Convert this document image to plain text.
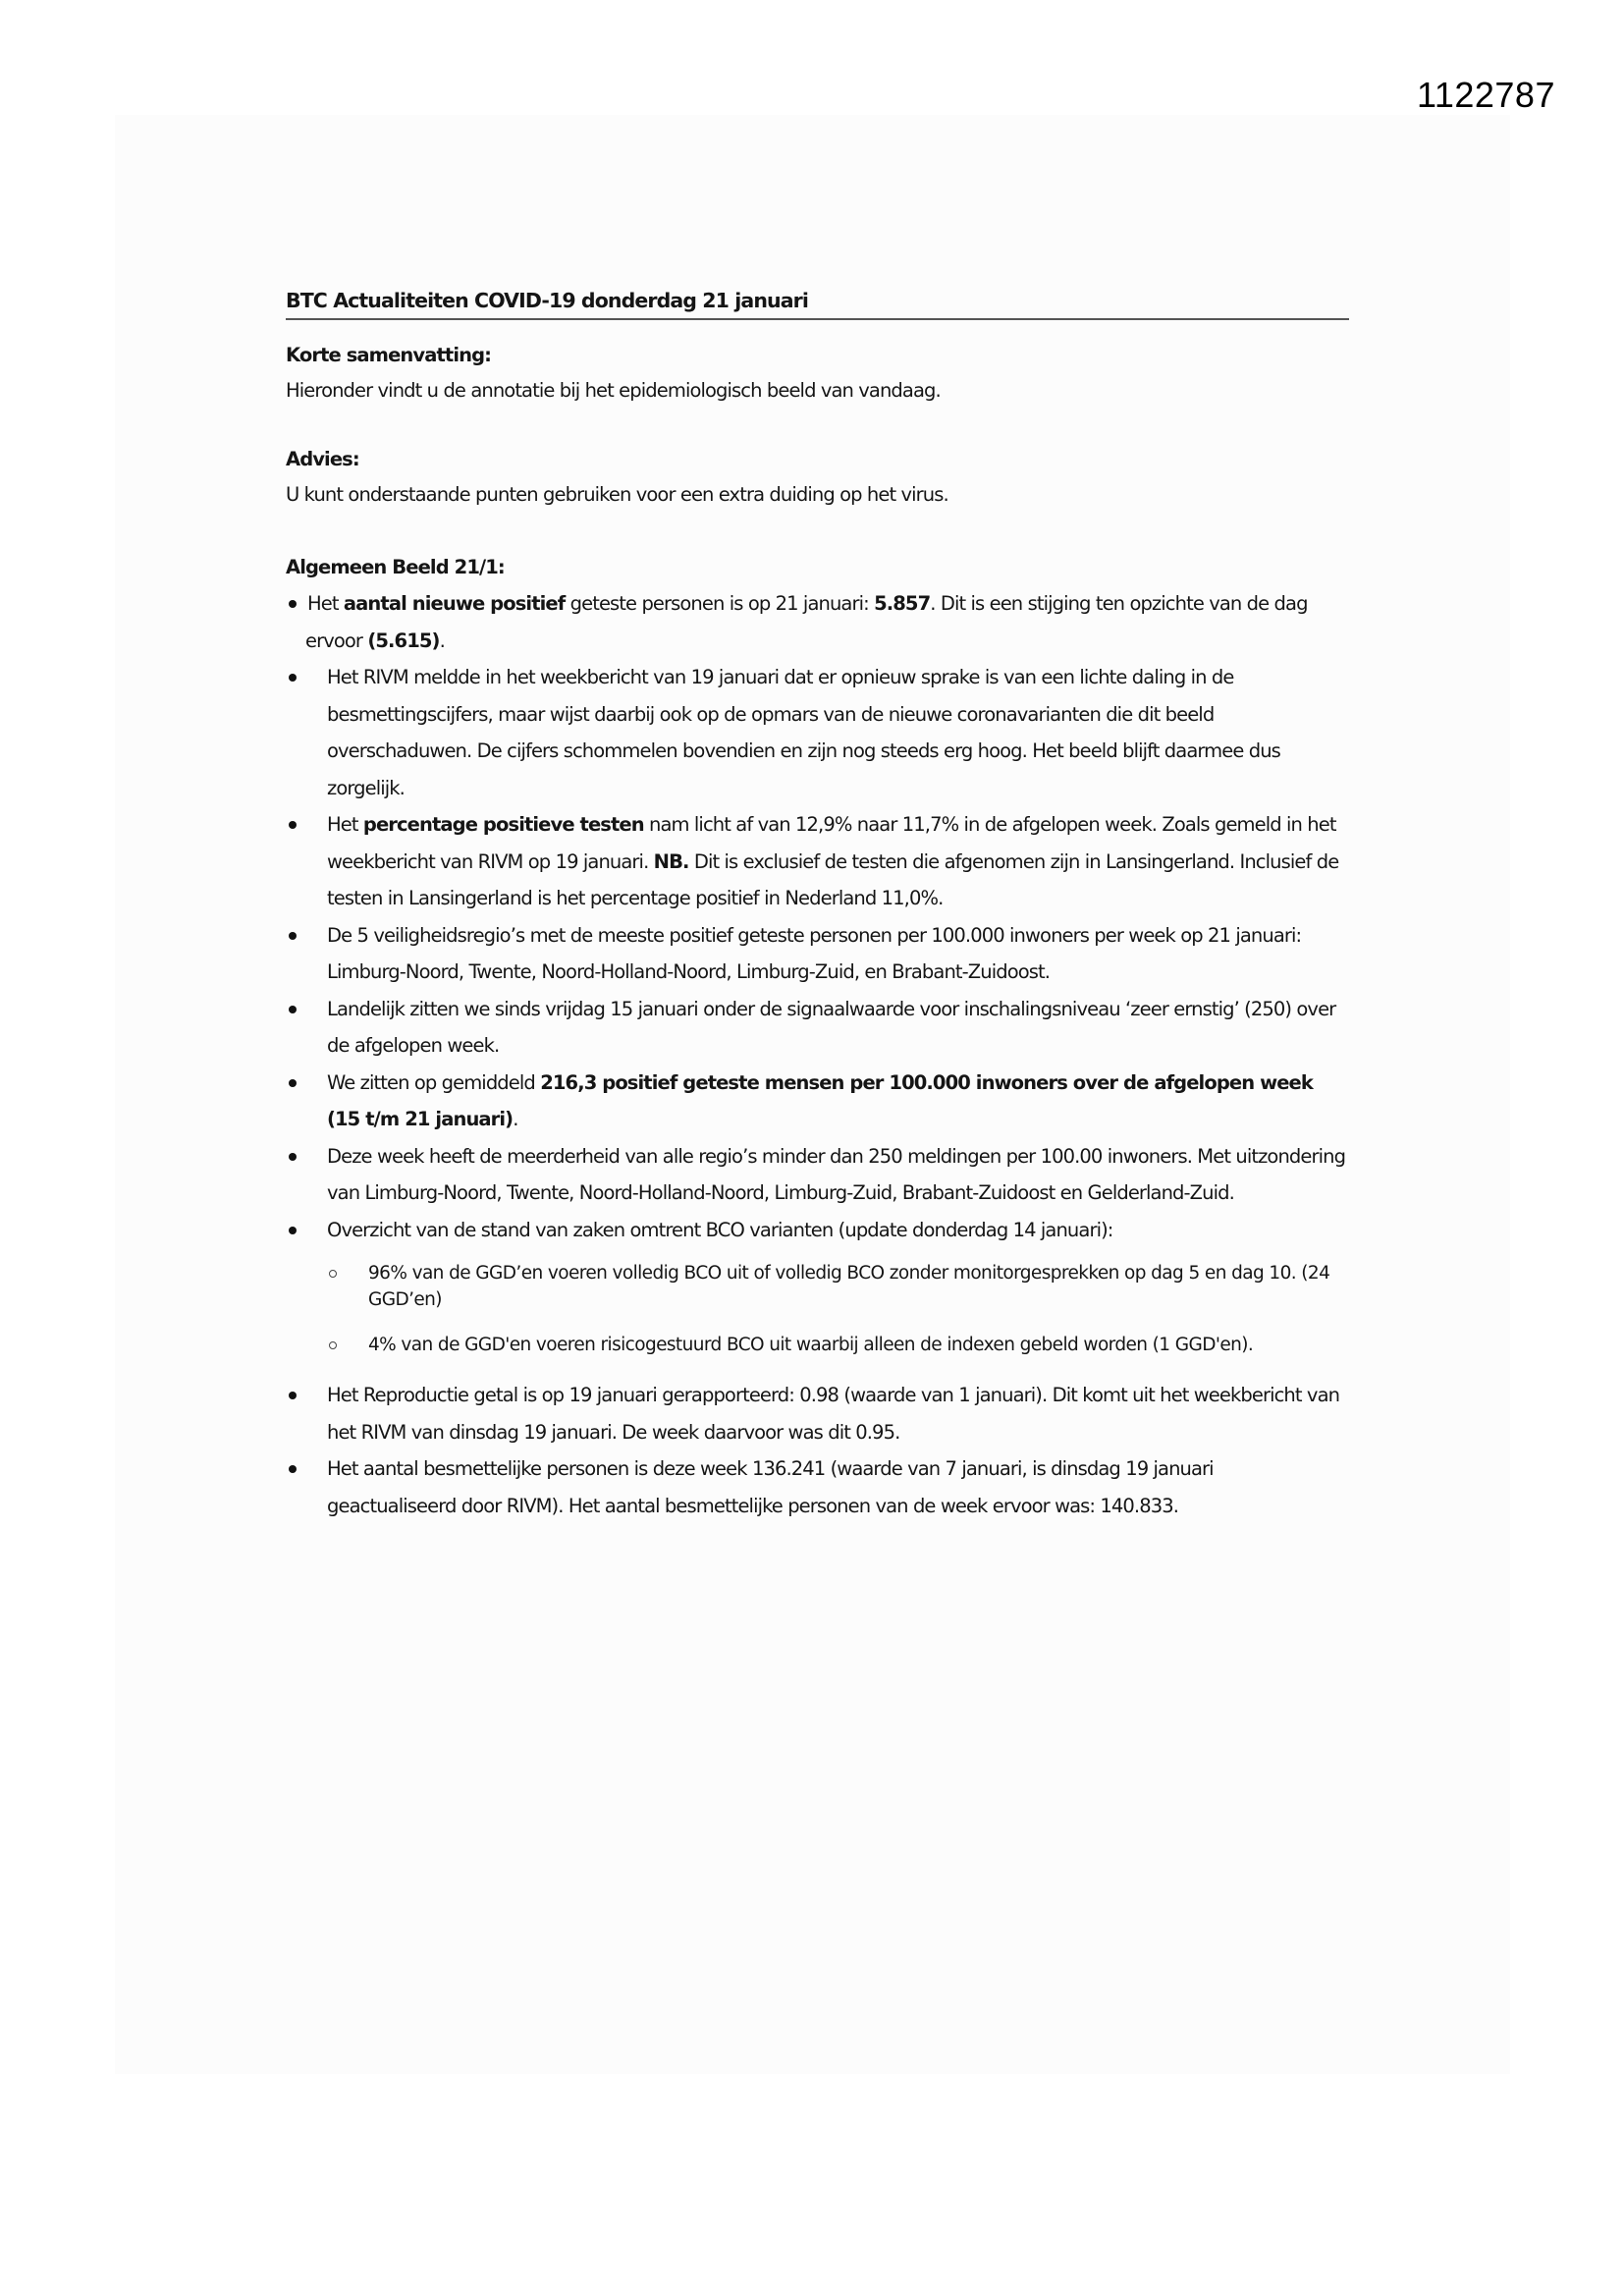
1122787

BTC Actualiteiten COVID-19 donderdag 21 januari

Korte samenvatting:

Hieronder vindt u de annotatie bij het epidemiologisch beeld van vandaag.

Advies:

U kunt onderstaande punten gebruiken voor een extra duiding op het virus.

Algemeen Beeld 21/1:

Het aantal nieuwe positief geteste personen is op 21 januari: 5.857. Dit is een stijging ten opzichte van de dag ervoor (5.615).
Het RIVM meldde in het weekbericht van 19 januari dat er opnieuw sprake is van een lichte daling in de besmettingscijfers, maar wijst daarbij ook op de opmars van de nieuwe coronavarianten die dit beeld overschaduwen. De cijfers schommelen bovendien en zijn nog steeds erg hoog. Het beeld blijft daarmee dus zorgelijk.
Het percentage positieve testen nam licht af van 12,9% naar 11,7% in de afgelopen week. Zoals gemeld in het weekbericht van RIVM op 19 januari. NB. Dit is exclusief de testen die afgenomen zijn in Lansingerland. Inclusief de testen in Lansingerland is het percentage positief in Nederland 11,0%.
De 5 veiligheidsregio’s met de meeste positief geteste personen per 100.000 inwoners per week op 21 januari: Limburg-Noord, Twente, Noord-Holland-Noord, Limburg-Zuid, en Brabant-Zuidoost.
Landelijk zitten we sinds vrijdag 15 januari onder de signaalwaarde voor inschalingsniveau ‘zeer ernstig’ (250) over de afgelopen week.
We zitten op gemiddeld 216,3 positief geteste mensen per 100.000 inwoners over de afgelopen week (15 t/m 21 januari).
Deze week heeft de meerderheid van alle regio’s minder dan 250 meldingen per 100.00 inwoners. Met uitzondering van Limburg-Noord, Twente, Noord-Holland-Noord, Limburg-Zuid, Brabant-Zuidoost en Gelderland-Zuid.
Overzicht van de stand van zaken omtrent BCO varianten (update donderdag 14 januari):
96% van de GGD’en voeren volledig BCO uit of volledig BCO zonder monitorgesprekken op dag 5 en dag 10. (24 GGD’en)
4% van de GGD'en voeren risicogestuurd BCO uit waarbij alleen de indexen gebeld worden (1 GGD'en).
Het Reproductie getal is op 19 januari gerapporteerd: 0.98 (waarde van 1 januari). Dit komt uit het weekbericht van het RIVM van dinsdag 19 januari. De week daarvoor was dit 0.95.
Het aantal besmettelijke personen is deze week 136.241 (waarde van 7 januari, is dinsdag 19 januari geactualiseerd door RIVM). Het aantal besmettelijke personen van de week ervoor was: 140.833.
